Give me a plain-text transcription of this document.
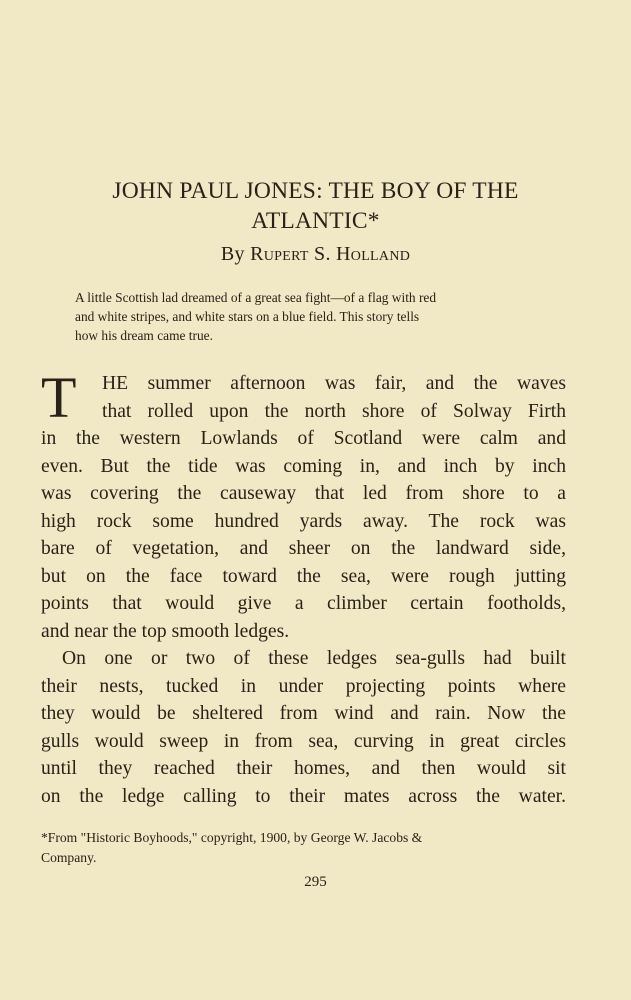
JOHN PAUL JONES: THE BOY OF THE
ATLANTIC*
By Rupert S. Holland
A little Scottish lad dreamed of a great sea fight—of a flag with red
and white stripes, and white stars on a blue field. This story tells
how his dream came true.
T	HE summer afternoon was fair, and the waves
that rolled upon the north shore of Solway Firth
in the western Lowlands of Scotland were calm and
even. But the tide was coming in, and inch by inch
was covering the causeway that led from shore to a
high rock some hundred yards away. The rock was
bare of vegetation, and sheer on the landward side,
but on the face toward the sea, were rough jutting
points that would give a climber certain footholds,
and near the top smooth ledges.
On one or two of these ledges sea-gulls had built
their nests, tucked in under projecting points where
they would be sheltered from wind and rain. Now the
gulls would sweep in from sea, curving in great circles
until they reached their homes, and then would sit
on the ledge calling to their mates across the water.
*From "Historic Boyhoods," copyright, 1900, by George W. Jacobs &
Company.
295
